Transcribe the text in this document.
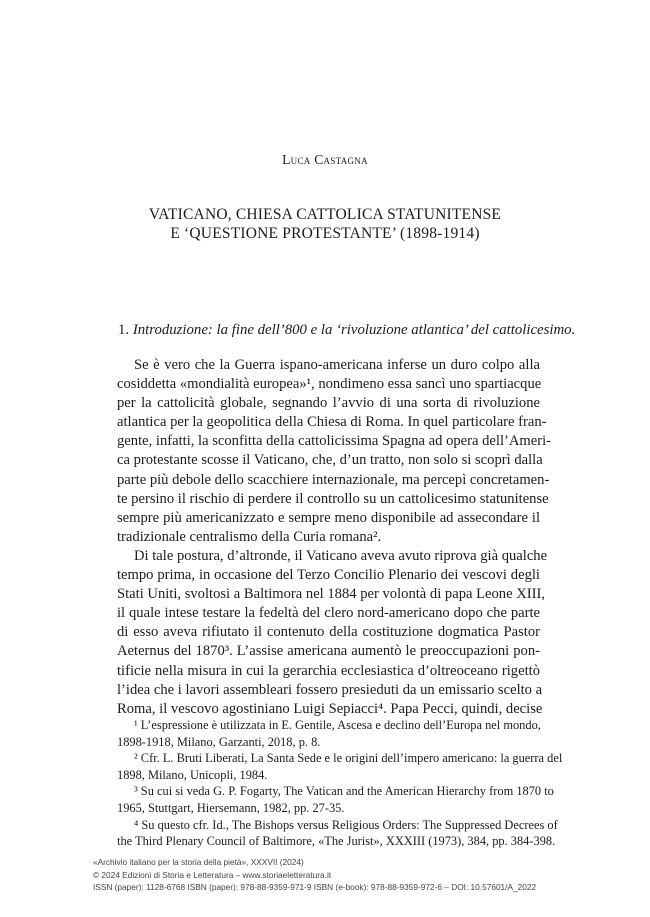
Luca Castagna
VATICANO, CHIESA CATTOLICA STATUNITENSE
E ‘QUESTIONE PROTESTANTE’ (1898-1914)
1. Introduzione: la fine dell’800 e la ‘rivoluzione atlantica’ del cattolicesimo.
Se è vero che la Guerra ispano-americana inferse un duro colpo alla
cosiddetta «mondialità europea»¹, nondimeno essa sancì uno spartiacque
per la cattolicità globale, segnando l’avvio di una sorta di rivoluzione
atlantica per la geopolitica della Chiesa di Roma. In quel particolare fran-
gente, infatti, la sconfitta della cattolicissima Spagna ad opera dell’Ameri-
ca protestante scosse il Vaticano, che, d’un tratto, non solo si scoprì dalla
parte più debole dello scacchiere internazionale, ma percepì concretamen-
te persino il rischio di perdere il controllo su un cattolicesimo statunitense
sempre più americanizzato e sempre meno disponibile ad assecondare il
tradizionale centralismo della Curia romana².
Di tale postura, d’altronde, il Vaticano aveva avuto riprova già qualche
tempo prima, in occasione del Terzo Concilio Plenario dei vescovi degli
Stati Uniti, svoltosi a Baltimora nel 1884 per volontà di papa Leone XIII,
il quale intese testare la fedeltà del clero nord-americano dopo che parte
di esso aveva rifiutato il contenuto della costituzione dogmatica Pastor
Aeternus del 1870³. L’assise americana aumentò le preoccupazioni pon-
tificie nella misura in cui la gerarchia ecclesiastica d’oltreoceano rigettò
l’idea che i lavori assembleari fossero presieduti da un emissario scelto a
Roma, il vescovo agostiniano Luigi Sepiacci⁴. Papa Pecci, quindi, decise
¹ L’espressione è utilizzata in E. Gentile, Ascesa e declino dell’Europa nel mondo,
1898-1918, Milano, Garzanti, 2018, p. 8.
² Cfr. L. Bruti Liberati, La Santa Sede e le origini dell’impero americano: la guerra del
1898, Milano, Unicopli, 1984.
³ Su cui si veda G. P. Fogarty, The Vatican and the American Hierarchy from 1870 to
1965, Stuttgart, Hiersemann, 1982, pp. 27-35.
⁴ Su questo cfr. Id., The Bishops versus Religious Orders: The Suppressed Decrees of
the Third Plenary Council of Baltimore, «The Jurist», XXXIII (1973), 384, pp. 384-398.
«Archivio italiano per la storia della pietà», XXXVII (2024)
© 2024 Edizioni di Storia e Letteratura – www.storiaeletteratura.it
ISSN (paper): 1128-6768 ISBN (paper): 978-88-9359-971-9 ISBN (e-book): 978-88-9359-972-6 – DOI: 10.57601/A_2022
